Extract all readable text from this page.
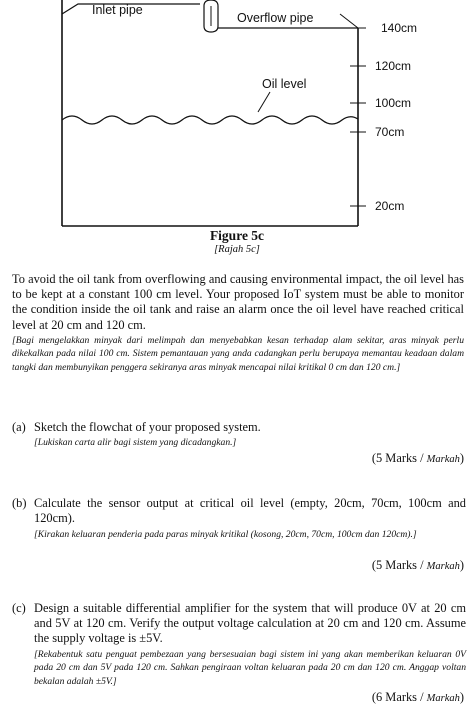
Inlet pipe
Overflow pipe
Oil level
140cm
120cm
100cm
70cm
20cm
Figure 5c
[Rajah 5c]
To avoid the oil tank from overflowing and causing environmental impact, the oil level has to be kept at a constant 100 cm level. Your proposed IoT system must be able to monitor the condition inside the oil tank and raise an alarm once the oil level have reached critical level at 20 cm and 120 cm.
[Bagi mengelakkan minyak dari melimpah dan menyebabkan kesan terhadap alam sekitar, aras minyak perlu dikekalkan pada nilai 100 cm. Sistem pemantauan yang anda cadangkan perlu berupaya memantau keadaan dalam tangki dan membunyikan penggera sekiranya aras minyak mencapai nilai kritikal 0 cm dan 120 cm.]
(a) Sketch the flowchat of your proposed system.
[Lukiskan carta alir bagi sistem yang dicadangkan.]
(5 Marks / Markah)
(b) Calculate the sensor output at critical oil level (empty, 20cm, 70cm, 100cm and 120cm).
[Kirakan keluaran penderia pada paras minyak kritikal (kosong, 20cm, 70cm, 100cm dan 120cm).]
(5 Marks / Markah)
(c) Design a suitable differential amplifier for the system that will produce 0V at 20 cm and 5V at 120 cm. Verify the output voltage calculation at 20 cm and 120 cm. Assume the supply voltage is ±5V.
[Rekabentuk satu penguat pembezaan yang bersesuaian bagi sistem ini yang akan memberikan keluaran 0V pada 20 cm dan 5V pada 120 cm. Sahkan pengiraan voltan keluaran pada 20 cm dan 120 cm. Anggap voltan bekalan adalah ±5V.]
(6 Marks / Markah)
